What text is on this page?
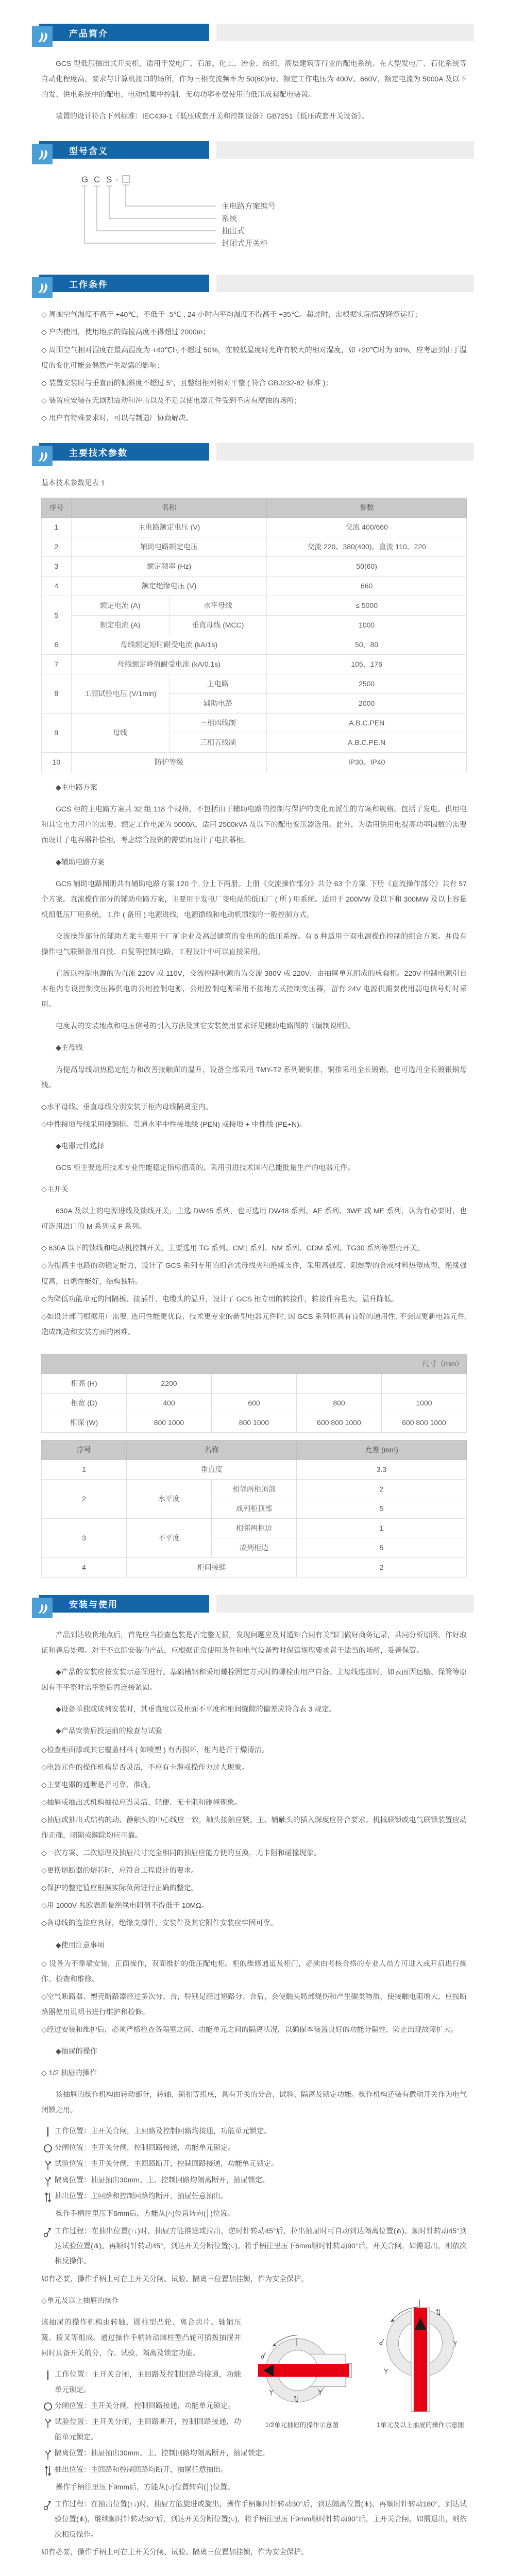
产品简介

GCS 型低压抽出式开关柜，适用于发电厂、石油、化工、冶金、纺织、高层建筑等行业的配电系统。在大型发电厂、石化系统等自动化程度高，要求与计算机接口的场所，作为三相交流频率为 50(60)Hz、额定工作电压为 400V、660V，额定电流为 5000A 及以下的发、供电系统中的配电、电动机集中控制、无功功率补偿使用的低压成套配电装置。

装置的设计符合下列标准：IEC439-1《低压成套开关和控制设备》GB7251《低压成套开关设备》。

型号含义
G C S -
主电路方案编号
系统
抽出式
封闭式开关柜
工作条件
◇ 周围空气温度不高于 +40℃，不低于 -5℃ , 24 小时内平均温度不得高于 +35℃。超过时，需根据实际情况降容运行；
◇ 户内使用，使用地点的海拔高度不得超过 2000m；
◇ 周围空气相对湿度在最高温度为 +40℃时不超过 50%，在较低温度时允许有较大的相对湿度，如 +20℃时为 90%，应考虑到由于温度的变化可能会偶然产生凝露的影响；
◇ 装置安装时与垂直面的倾斜度不超过 5°，且整组柜列相对平整 ( 符合 GBJ232-82 标准 )；
◇ 装置应安装在无剧烈震动和冲击以及不足以使电器元件受到不应有腐蚀的场所；
◇ 用户有特殊要求时，可以与制造厂协商解决。
主要技术参数

基本技术参数见表 1

序号	名称		参数
1	主电路额定电压 (V)		交流 400/660
2	辅助电路额定电压		交流 220、380(400)、直流 110、220
3	额定频率 (Hz)		50(60)
4	额定绝缘电压 (V)		660
5	额定电流 (A)	水平母线	≤ 5000
	额定电流 (A)	垂直母线 (MCC)	1000
6	母线额定短时耐受电流 (kA/1s)		50，80
7	母线额定峰值耐受电流 (kA/0.1s)		105，176
8	工频试验电压 (V/1min)	主电路	2500
		辅助电路	2000
9	母线	三相四线制	A.B.C.PEN
		三相五线制	A.B.C.PE.N
10	防护等级		IP30、IP40

◆主电路方案

GCS 柜的主电路方案共 32 组 118 个规格，不包括由于辅助电路的控制与保护的变化而派生的方案和规格。包括了发电、供用电和其它电力用户的需要，额定工作电流为 5000A，适用 2500kVA 及以下的配电变压器选用。此外，为适用供用电提高功率因数的需要而设计了电容器补偿柜，考虑综合投资的需要而设计了电抗器柜。

◆辅助电路方案

GCS 辅助电路图册共有辅助电路方案 120 个, 分上下两册。上册《交流操作部分》共分 63 个方案, 下册《直流操作部分》共有 57 个方案。直流操作部分的辅助电路方案，主要用于发电厂变电站的低压厂 ( 所 ) 用系统。适用于 200MW 及以下和 300MW 及以上容量机组低压厂用系统，工作 ( 备用 ) 电源进线，电源馈线和电动机馈线的一般控制方式。

交流操作部分的辅助方案主要用于厂矿企业及高层建筑的变电所的低压系统。有 6 种适用于双电源操作控制的组合方案。并设有操作电气联锁备用自投、自复等控制电路，工程设计中可以直接采用。

直流以控制电源的为直流 220V 或 110V，交流控制电源的为交流 380V 或 220V，由抽屉单元组成的成套柜。220V 控制电源引自本柜内专设控制变压器供电的公用控制电源，公用控制电源采用不接地方式控制变压器，留有 24V 电源供需要使用弱电信号灯时采用。

电度表的安装地点和电压信号的引入方法及其它安装使用要求详见辅助电路图的《编制说明》。

◆主母线

为提高母线动热稳定能力和改善接触面的温升，设备全部采用 TMY-T2 系列硬铜排，铜排采用全长镀锡，也可选用全长镀银铜母线。

◇水平母线、垂直母线分别安装于柜内母线隔离室内。
◇中性接地母线采用硬铜排。贯通水平中性接地线 (PEN) 或接地 + 中性线 (PE+N)。

◆电器元件选择

GCS 柜主要选用技术专业性能稳定指标值高的，采用引进技术国内已能批量生产的电器元件。

◇主开关

630A 及以上的电源进线及馈线开关，主选 DW45 系列，也可选用 DW48 系列、AE 系列、3WE 或 ME 系列，认为有必要时，也可选用进口的 M 系列或 F 系列。

◇ 630A 以下的馈线和电动机控制开关，主要选用 TG 系列、CM1 系列、NM 系列、CDM 系列、TG30 系列等塑壳开关。
◇为提高主电路的动稳定能力，设计了 GCS 系列专用的组合式母线夹和绝缘支件，采用高强度、阻燃型的合成材料热塑成型，绝缘强度高，自熄性能好，结构独特。
◇为降低功能单元的间隔板、接插件、电缆头的温升，设计了 GCS 柜专用的转接件，转接件容量大，温升降低。
◇如设计部门根据用户需要, 选用性能更优良、技术更专业的新型电器元件时, 因 GCS 系列柜具有良好的通用性, 不会因更新电器元件, 造成制造和安装方面的困难。
尺寸（mm）				
柜高 (H)	2200			
柜宽 (D)	400	600	800	1000
柜深 (W)	800 1000	800 1000	600 800 1000	600 800 1000
序号	名称		允差 (mm)
1	垂直度		3.3
2	水平度	相邻两柜顶部	2
		成列柜顶部	5
3	不平度	相邻两柜边	1
		成列柜边	5
4	柜间接缝		2
安装与使用

产品到达收货地点后，首先应当检查包装是否完整无损，发现问题应及时通知合同有关部门做好商务记录，共同分析原因，作好取证和善后处理。对于不立即安装的产品，应根据正常使用条件和电气设备暂时保管规程要求置于适当的场所，妥善保管。

◆产品的安装应按安装示意图进行。基础槽钢和采用螺栓固定方式时的螺栓由用户自备。主母线连接时，如表面因运输、保管等原因有不平整时需平整后再连接紧固。

◆设备单独或成列安装时，其垂直度以及柜面不平度和柜间缝隙的偏差应符合表 3 规定。

◆产品安装后投运前的检查与试验

◇检查柜面漆或其它覆盖材料 ( 如喷塑 ) 有否损坏，柜内是否干燥清洁。
◇电器元件的操作机构是否灵活，不应有卡滞或操作力过大现象。
◇主要电器的通断是否可靠、准确。
◇抽屉或抽出式机构抽拉应当灵活、轻便、无卡阻和碰撞现象。
◇抽屉或抽出式结构的动、静触头的中心线应一致，触头接触应紧。主、辅触头的插入深度应符合要求。机械联锁或电气联锁装置应动作正确，闭锁或解除均应可靠。
◇一次方案、二次原理及抽屉尺寸完全相同的抽屉应能方便的互换，无卡阻和碰撞现象。
◇更换熔断器的熔芯时，应符合工程设计的要求。
◇保护的整定值应根据实际负荷进行正确的整定。
◇用 1000V 兆欧表测量绝缘电阻值不得低于 10MΩ。
◇各母线的连接应良好，绝缘支撑件，安装件及其它附件安装应牢固可靠。

◆使用注意事项

◇ 设备为不靠墙安装，正面操作，双面维护的低压配电柜。柜的维修通道及柜门，必须由考核合格的专业人员方可进入或开启进行操作、检查和维修。
◇空气断路器、塑壳断路器经过多次分、合，特别是经过短路分、合后，会使触头局部烧伤和产生碳类物质，使接触电阻增大，应按断路器使用说明书进行维护和检修。
◇经过安装和维护后，必须严格检查各隔室之间、功能单元之间的隔离状况，以确保本装置良好的功能分隔性，防止出现故障扩大。

◆抽屉的操作

◇ 1/2 抽屉的操作

该抽屉的操作机构由转动部分，转轴、锁扣等组成，具有开关的分合、试验、隔离及锁定功能。操作机构还装有微动开关作为电气闭锁之用。

工作位置：主开关合闸，主回路及控制回路均接通，功能单元锁定。
分闸位置：主开关分闸，控制回路接通，功能单元锁定。
试验位置：主开关分闸，主回路断开，控制回路接通，功能单元锁定。
隔离位置：抽屉抽出30mm。主、控制回路均隔离断开，抽屉锁定。
抽出位置：主回路和控制回路均断开，抽屉任意抽出。

操作手柄往里压下6mm后，方能从(○)位置转向(│)位置。

工作过程：在抽出位置(↑↓)时，抽屉方能推进或拉出，逆时针转动45°后，拉出抽屉时可自动到达隔离位置(⋔)。顺时针转动45°到达试验位置(⋔)。再顺时针转动45°，到达开关分断位置(○)。将手柄往里压下6mm顺时针转动90°后，开关合闸，如需退出，则依次相反操作。

如有必要，操作手柄上可在主开关分闸、试验、隔离三位置加挂锁，作为安全保护。

│
1/2单元抽屉的操作示意图
│
1单元及以上抽屉的操作示意图

◇单元及以上抽屉的操作

该抽屉的操作机构由转轴、圆柱型凸轮、离合齿片、轴销压簧、拨叉等组成。通过操作手柄转动圆柱型凸轮可插拨抽屉并同时具备开关的分、合、试验、隔离及锁定功能。

工作位置：主开关合闸，主回路及控制回路均接通，功能单元锁定。
分闸位置：主开关分闸，控制回路接通，功能单元锁定。
试验位置：主开关分闸，主回路断开，控制回路接通，功能单元锁定。
隔离位置：抽屉抽出30mm。主、控制回路均隔离断开，抽屉锁定。
抽出位置：主回路和控制回路均断开，抽屉任意抽出。

操作手柄往里压下9mm后，方能从(○)位置转向(│)位置。

工作过程：在抽出位置(↑↓)时，抽屉方能旋进或旋出，操作手柄顺时针转动30°后，到达隔离位置(⋔)，再顺时针转动180°，到达试验位置(⋔)，继续顺时针转动30°后，到达开关分断位置(○)，将手柄往里压下9mm顺时针转动90°后，主开关合闸，如需退出，则依次相反操作。

如有必要，操作手柄上可在主开关分闸、试验、隔离三位置加挂锁，作为安全保护。
